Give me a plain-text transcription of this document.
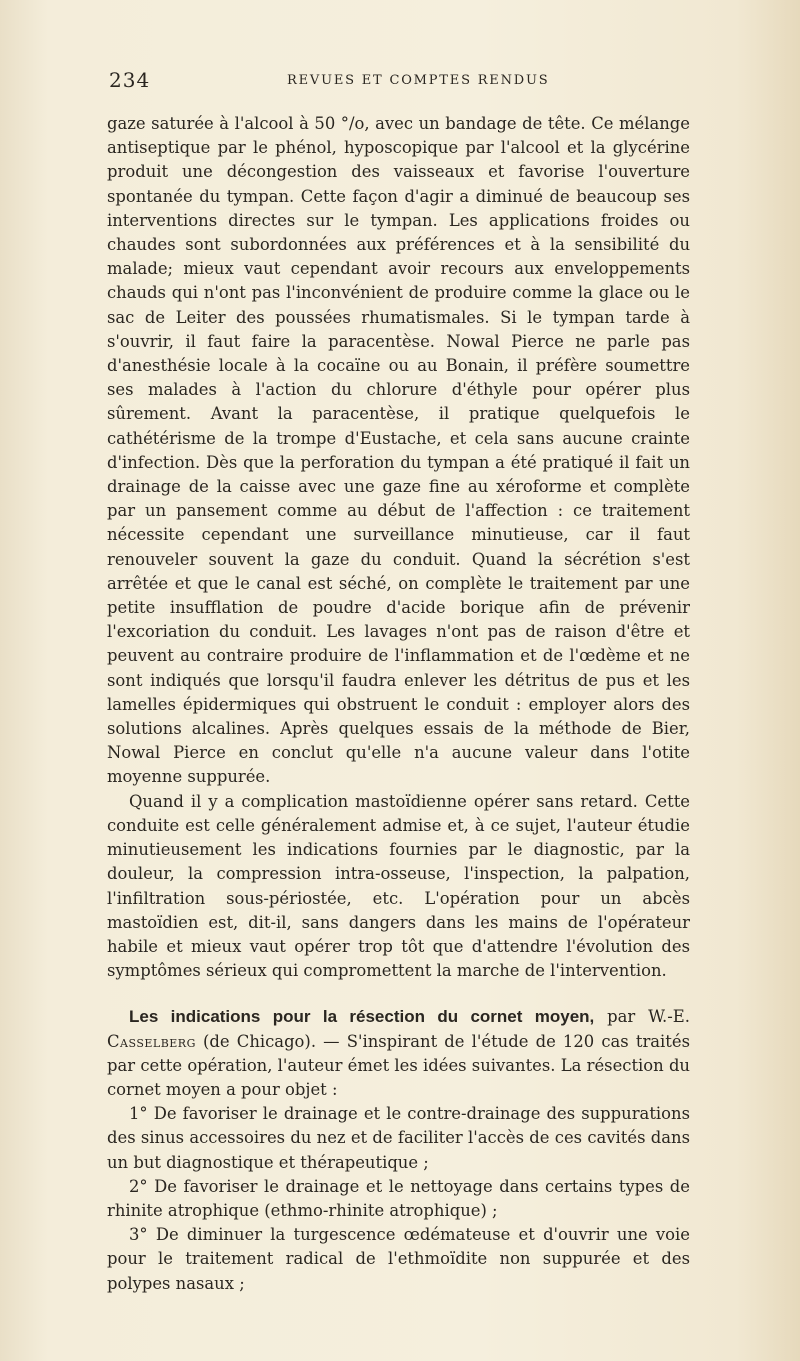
234	REVUES ET COMPTES RENDUS

gaze saturée à l'alcool à 50 °/o, avec un bandage de tête. Ce mélange antiseptique par le phénol, hyposcopique par l'alcool et la glycérine produit une décongestion des vaisseaux et favorise l'ouverture spontanée du tympan. Cette façon d'agir a diminué de beaucoup ses interventions directes sur le tympan. Les applications froides ou chaudes sont subordonnées aux préférences et à la sensibilité du malade; mieux vaut cependant avoir recours aux enveloppements chauds qui n'ont pas l'inconvénient de produire comme la glace ou le sac de Leiter des poussées rhumatismales. Si le tympan tarde à s'ouvrir, il faut faire la paracentèse. Nowal Pierce ne parle pas d'anesthésie locale à la cocaïne ou au Bonain, il préfère soumettre ses malades à l'action du chlorure d'éthyle pour opérer plus sûrement. Avant la paracentèse, il pratique quelquefois le cathétérisme de la trompe d'Eustache, et cela sans aucune crainte d'infection. Dès que la perforation du tympan a été pratiqué il fait un drainage de la caisse avec une gaze fine au xéroforme et complète par un pansement comme au début de l'affection : ce traitement nécessite cependant une surveillance minutieuse, car il faut renouveler souvent la gaze du conduit. Quand la sécrétion s'est arrêtée et que le canal est séché, on complète le traitement par une petite insufflation de poudre d'acide borique afin de prévenir l'excoriation du conduit. Les lavages n'ont pas de raison d'être et peuvent au contraire produire de l'inflammation et de l'œdème et ne sont indiqués que lorsqu'il faudra enlever les détritus de pus et les lamelles épidermiques qui obstruent le conduit : employer alors des solutions alcalines. Après quelques essais de la méthode de Bier, Nowal Pierce en conclut qu'elle n'a aucune valeur dans l'otite moyenne suppurée.

Quand il y a complication mastoïdienne opérer sans retard. Cette conduite est celle généralement admise et, à ce sujet, l'auteur étudie minutieusement les indications fournies par le diagnostic, par la douleur, la compression intra-osseuse, l'inspection, la palpation, l'infiltration sous-périostée, etc. L'opération pour un abcès mastoïdien est, dit-il, sans dangers dans les mains de l'opérateur habile et mieux vaut opérer trop tôt que d'attendre l'évolution des symptômes sérieux qui compromettent la marche de l'intervention.

Les indications pour la résection du cornet moyen, par W.-E. Casselberg (de Chicago). — S'inspirant de l'étude de 120 cas traités par cette opération, l'auteur émet les idées suivantes. La résection du cornet moyen a pour objet :

1° De favoriser le drainage et le contre-drainage des suppurations des sinus accessoires du nez et de faciliter l'accès de ces cavités dans un but diagnostique et thérapeutique ;

2° De favoriser le drainage et le nettoyage dans certains types de rhinite atrophique (ethmo-rhinite atrophique) ;

3° De diminuer la turgescence œdémateuse et d'ouvrir une voie pour le traitement radical de l'ethmoïdite non suppurée et des polypes nasaux ;
